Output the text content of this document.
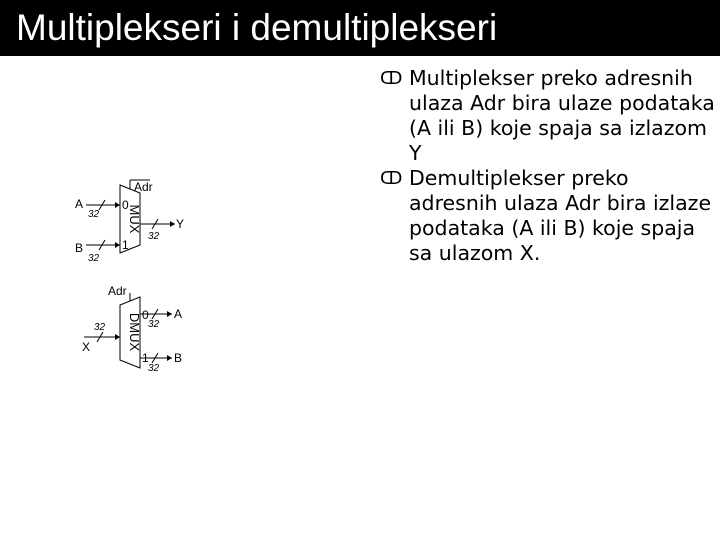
Multiplekseri i demultiplekseri
MUX
0
1
Adr
A
32
B
32
Y
32
DMUX 0
1
Adr
X
32
A
32
B
32
ↀ Multiplekser preko adresnih ulaza Adr bira ulaze podataka (A ili B) koje spaja sa izlazom Y
ↀ Demultiplekser preko adresnih ulaza Adr bira izlaze podataka (A ili B) koje spaja sa ulazom X.
